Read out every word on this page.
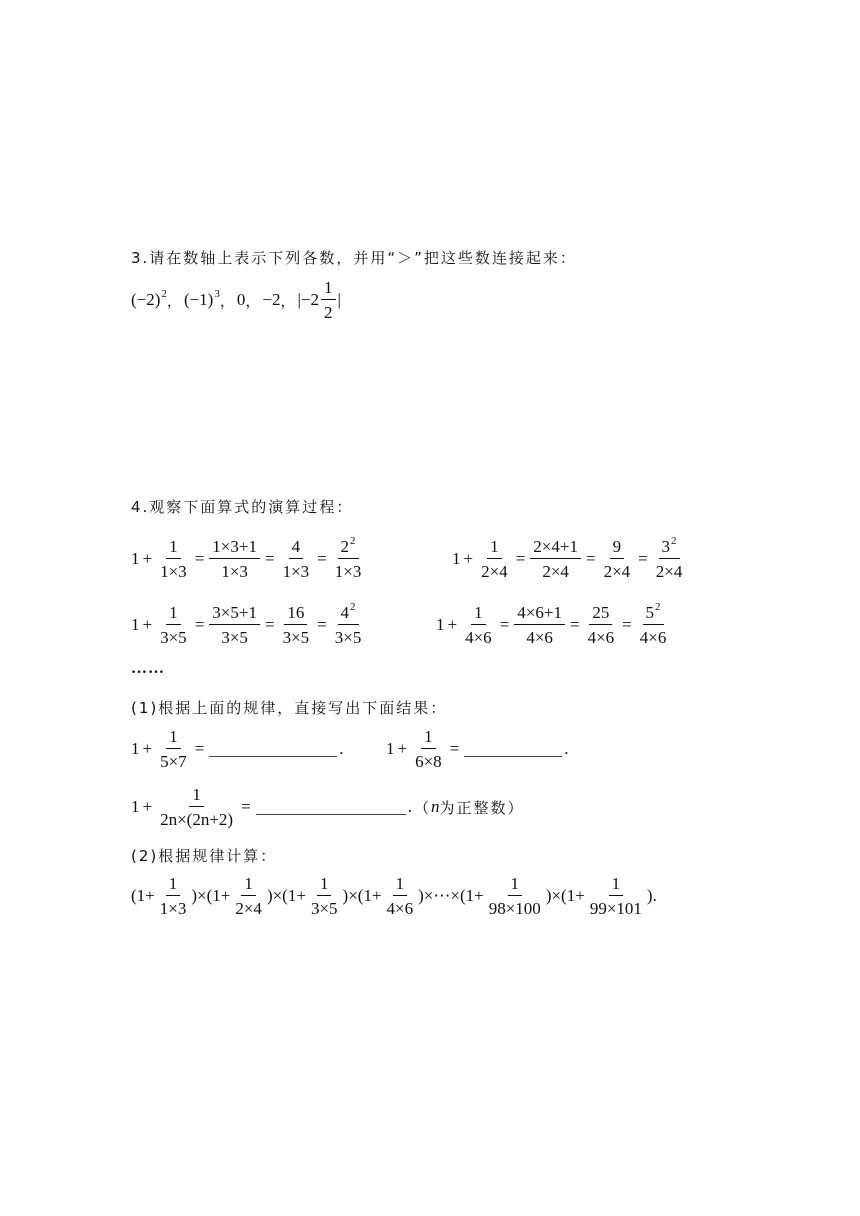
3.请在数轴上表示下列各数，并用“＞”把这些数连接起来：
$(-2)^2$ ， $(-1)^3$ ， 0 ， −2 ， $|-2 \frac{1}{2}$ |
4.观察下面算式的演算过程：
$1 + \frac{1}{1\times 3} = \frac{1\times 3+1}{1\times 3} = \frac{4}{1\times 3} = \frac{2^2}{1\times 3}$	$1 + \frac{1}{2\times 4} = \frac{2\times 4+1}{2\times 4} = \frac{9}{2\times 4} = \frac{3^2}{2\times 4}$
$1 + \frac{1}{3\times 5} = \frac{3\times 5+1}{3\times 5} = \frac{16}{3\times 5} = \frac{4^2}{3\times 5}$	$1 + \frac{1}{4\times 6} = \frac{4\times 6+1}{4\times 6} = \frac{25}{4\times 6} = \frac{5^2}{4\times 6}$
……
(1)根据上面的规律，直接写出下面结果：
$1 + \frac{1}{5\times 7}$ =	. $1 + \frac{1}{6\times 8}$ =	.
$1 + \frac{1}{2n\times(2n+2)}$ =	. （ n 为正整数）
(2)根据规律计算：
$(1+ \frac{1}{1\times 3} )\times(1+ \frac{1}{2\times 4} )\times(1+ \frac{1}{3\times 5} )\times(1+ \frac{1}{4\times 6}$ )×⋯×(1+ $\frac{1}{98\times 100} )\times(1+ \frac{1}{99\times 101}$ ).
